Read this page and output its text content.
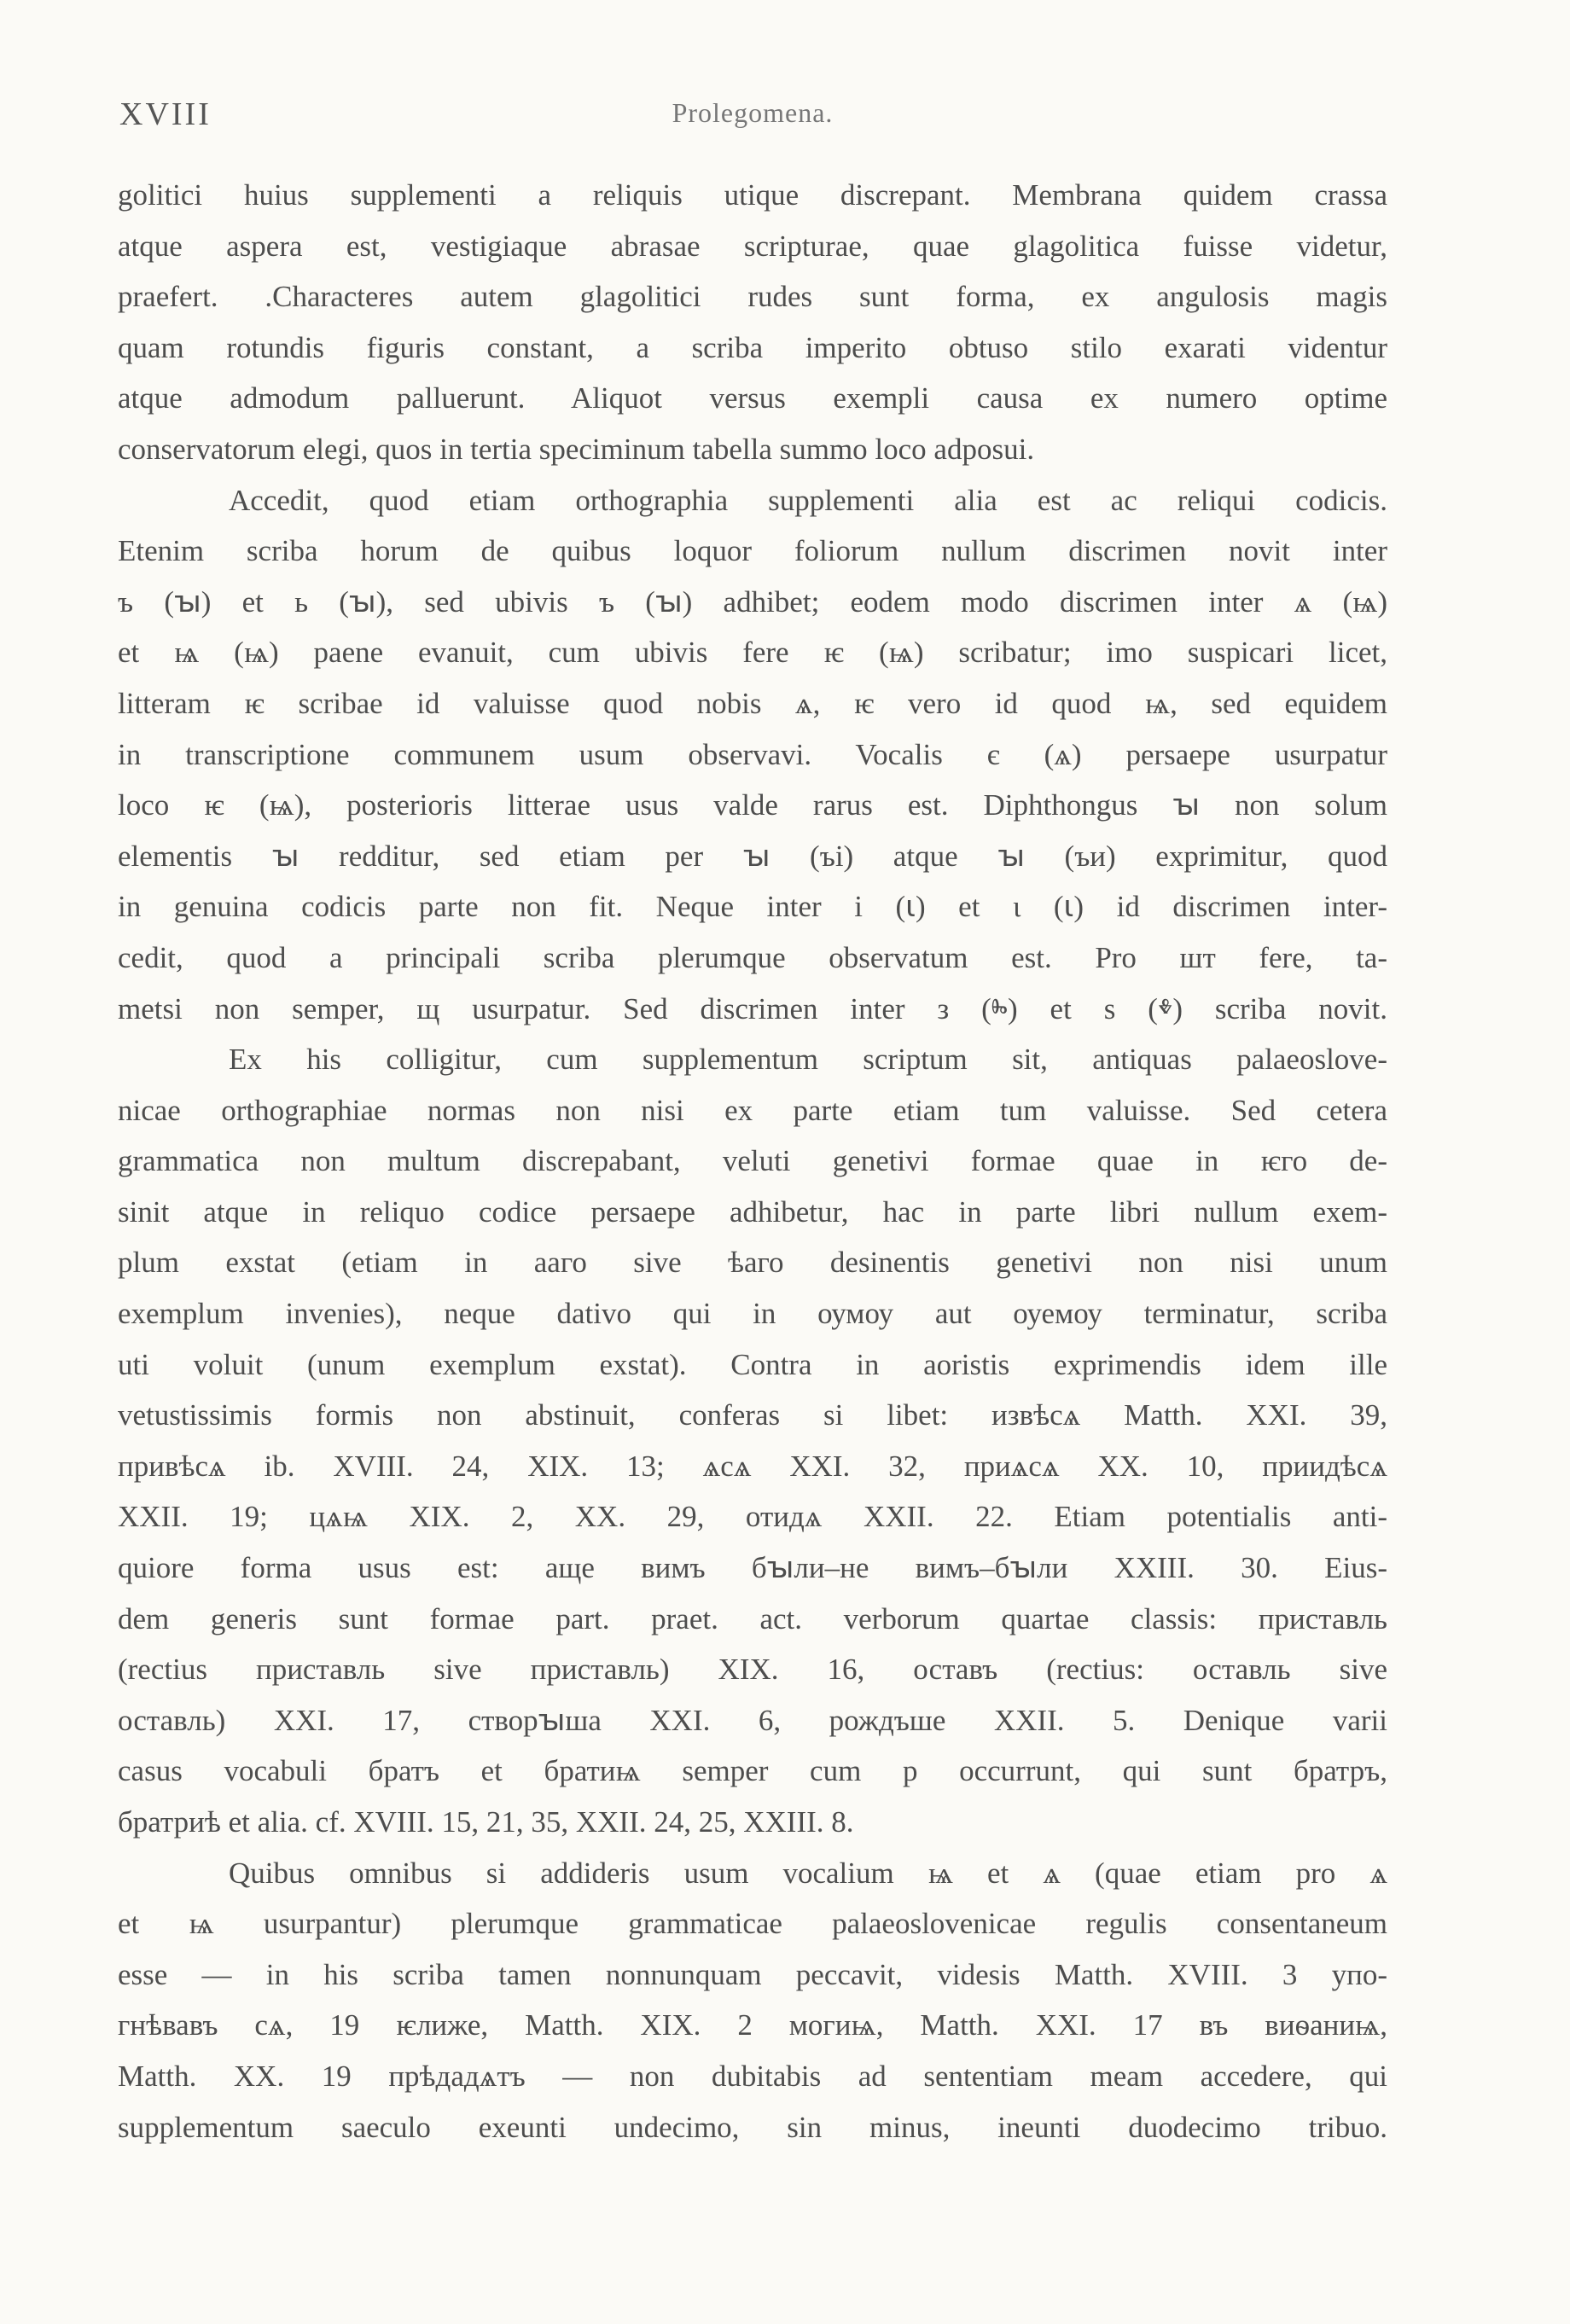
XVIII	Prolegomena.
golitici huius supplementi a reliquis utique discrepant. Membrana quidem crassa
atque aspera est, vestigiaque abrasae scripturae, quae glagolitica fuisse videtur,
praefert. .Characteres autem glagolitici rudes sunt forma, ex angulosis magis
quam rotundis figuris constant, a scriba imperito obtuso stilo exarati videntur
atque admodum palluerunt. Aliquot versus exempli causa ex numero optime
conservatorum elegi, quos in tertia speciminum tabella summo loco adposui.
Accedit, quod etiam orthographia supplementi alia est ac reliqui codicis.
Etenim scriba horum de quibus loquor foliorum nullum discrimen novit inter
ъ (ꙑ) et ь (ꙑ), sed ubivis ъ (ꙑ) adhibet; eodem modo discrimen inter ѧ (ѩ)
et ѩ (ѩ) paene evanuit, cum ubivis fere ѥ (ѩ) scribatur; imo suspicari licet,
litteram ѥ scribae id valuisse quod nobis ѧ, ѥ vero id quod ѩ, sed equidem
in transcriptione communem usum observavi. Vocalis є (ѧ) persaepe usurpatur
loco ѥ (ѩ), posterioris litterae usus valde rarus est. Diphthongus ꙑ non solum
elementis ꙑ redditur, sed etiam per ꙑ (ъі) atque ꙑ (ъи) exprimitur, quod
in genuina codicis parte non fit. Neque inter і (ꙇ) et ι (ꙇ) id discrimen inter-
cedit, quod a principali scriba plerumque observatum est. Pro шт fere, ta-
metsi non semper, щ usurpatur. Sed discrimen inter з (ⰸ) et ѕ (ⰷ) scriba novit.
Ex his colligitur, cum supplementum scriptum sit, antiquas palaeoslove-
nicae orthographiae normas non nisi ex parte etiam tum valuisse. Sed cetera
grammatica non multum discrepabant, veluti genetivi formae quae in ѥго de-
sinit atque in reliquo codice persaepe adhibetur, hac in parte libri nullum exem-
plum exstat (etiam in ааго sive ѣаго desinentis genetivi non nisi unum
exemplum invenies), neque dativo qui in оумоу aut оуемоу terminatur, scriba
uti voluit (unum exemplum exstat). Contra in aoristis exprimendis idem ille
vetustissimis formis non abstinuit, conferas si libet: извѣсѧ Matth. XXI. 39,
привѣсѧ ib. XVIII. 24, XIX. 13; ѧсѧ XXI. 32, приѧсѧ XX. 10, приидѣсѧ
XXII. 19; цѧѩ XIX. 2, XX. 29, отидѧ XXII. 22. Etiam potentialis anti-
quiore forma usus est: аще вимъ бꙑли–не вимъ–бꙑли XXIII. 30. Eius-
dem generis sunt formae part. praet. act. verborum quartae classis: приставль
(rectius приставль sive приставль) XIX. 16, оставъ (rectius: оставль sive
оставль) XXI. 17, створꙑша XXI. 6, рождъше XXII. 5. Denique varii
casus vocabuli братъ et братиѩ semper cum р occurrunt, qui sunt братръ,
братриѣ et alia. cf. XVIII. 15, 21, 35, XXII. 24, 25, XXIII. 8.
Quibus omnibus si addideris usum vocalium ѩ et ѧ (quae etiam pro ѧ
et ѩ usurpantur) plerumque grammaticae palaeoslovenicae regulis consentaneum
esse — in his scriba tamen nonnunquam peccavit, videsis Matth. XVIII. 3 упо-
гнѣвавъ сѧ, 19 ѥлиже, Matth. XIX. 2 могиѩ, Matth. XXI. 17 въ виѳаниѩ,
Matth. XX. 19 прѣдадѧтъ — non dubitabis ad sententiam meam accedere, qui
supplementum saeculo exeunti undecimo, sin minus, ineunti duodecimo tribuo.
